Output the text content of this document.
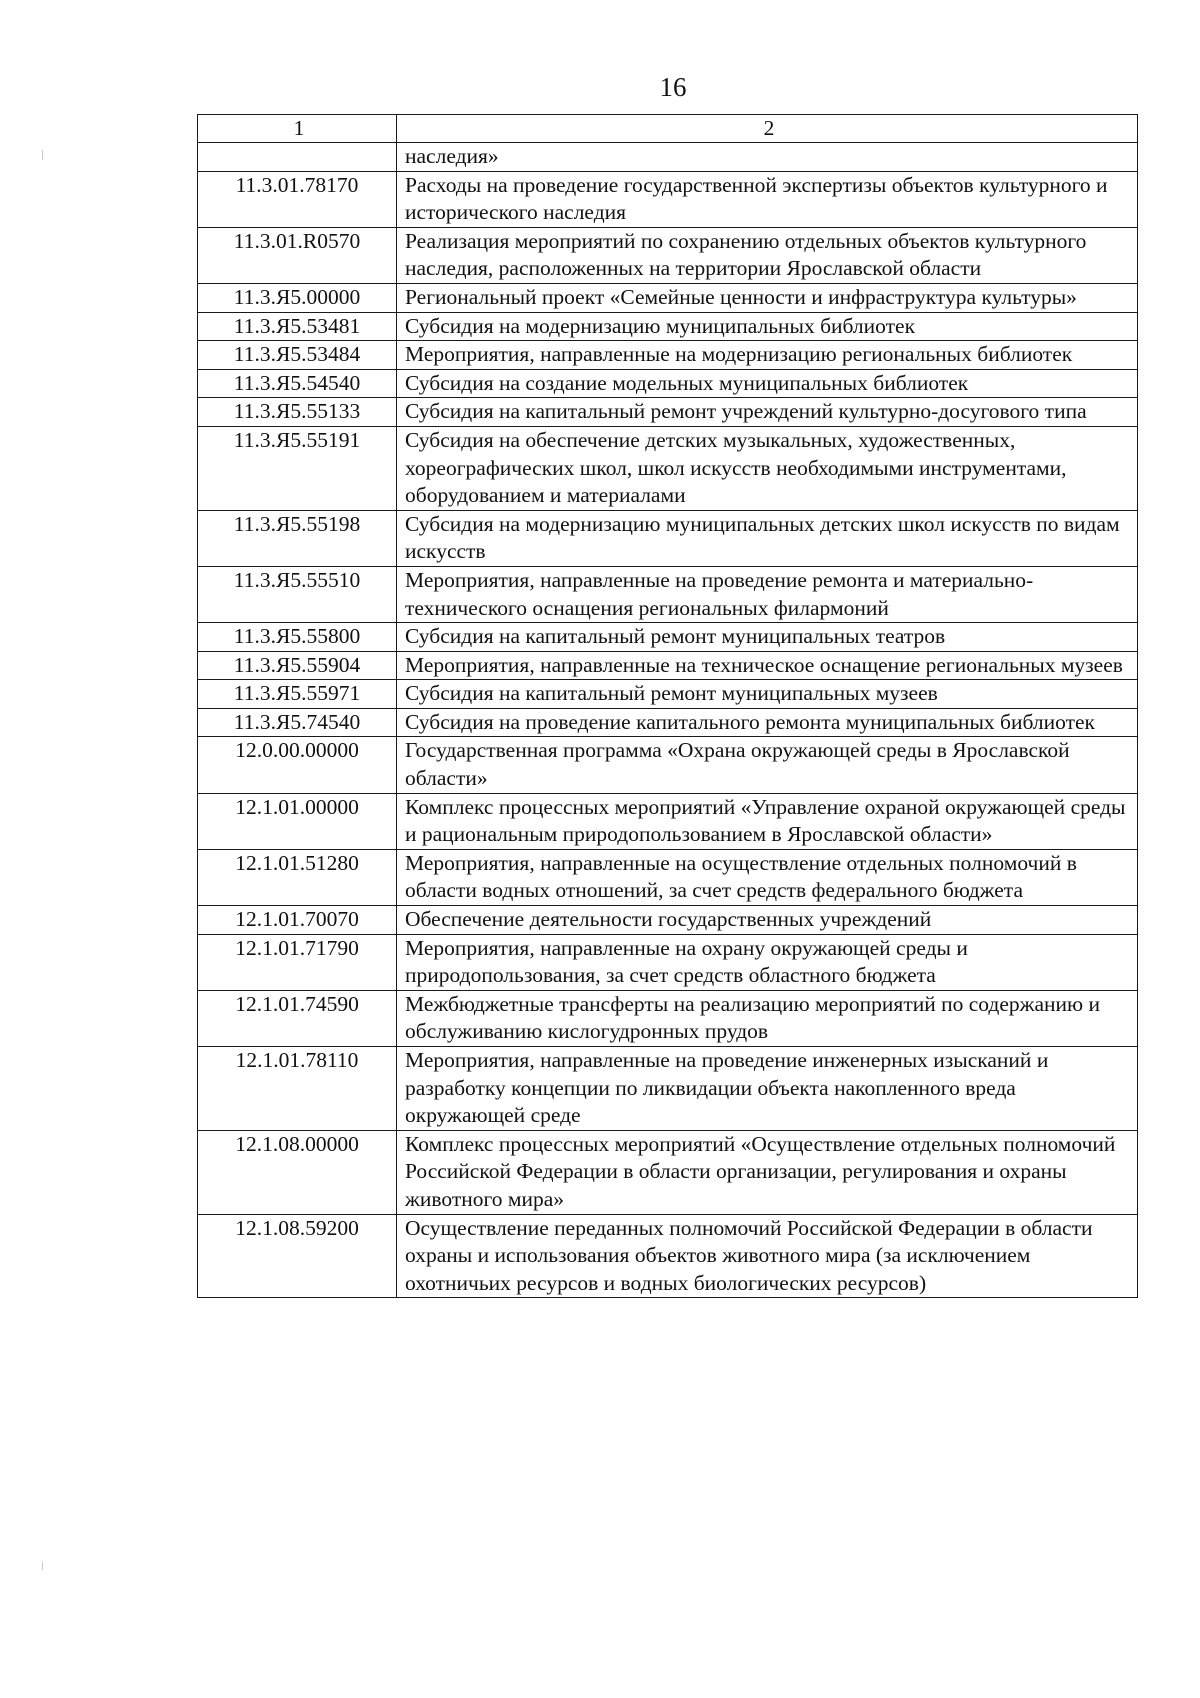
16
1	2
	наследия»
11.3.01.78170	Расходы на проведение государственной экспертизы объектов культурного и исторического наследия
11.3.01.R0570	Реализация мероприятий по сохранению отдельных объектов культурного наследия, расположенных на территории Ярославской области
11.3.Я5.00000	Региональный проект «Семейные ценности и инфраструктура культуры»
11.3.Я5.53481	Субсидия на модернизацию муниципальных библиотек
11.3.Я5.53484	Мероприятия, направленные на модернизацию региональных библиотек
11.3.Я5.54540	Субсидия на создание модельных муниципальных библиотек
11.3.Я5.55133	Субсидия на капитальный ремонт учреждений культурно-досугового типа
11.3.Я5.55191	Субсидия на обеспечение детских музыкальных, художественных, хореографических школ, школ искусств необходимыми инструментами, оборудованием и материалами
11.3.Я5.55198	Субсидия на модернизацию муниципальных детских школ искусств по видам искусств
11.3.Я5.55510	Мероприятия, направленные на проведение ремонта и материально-технического оснащения региональных филармоний
11.3.Я5.55800	Субсидия на капитальный ремонт муниципальных театров
11.3.Я5.55904	Мероприятия, направленные на техническое оснащение региональных музеев
11.3.Я5.55971	Субсидия на капитальный ремонт муниципальных музеев
11.3.Я5.74540	Субсидия на проведение капитального ремонта муниципальных библиотек
12.0.00.00000	Государственная программа «Охрана окружающей среды в Ярославской области»
12.1.01.00000	Комплекс процессных мероприятий «Управление охраной окружающей среды и рациональным природопользованием в Ярославской области»
12.1.01.51280	Мероприятия, направленные на осуществление отдельных полномочий в области водных отношений, за счет средств федерального бюджета
12.1.01.70070	Обеспечение деятельности государственных учреждений
12.1.01.71790	Мероприятия, направленные на охрану окружающей среды и природопользования, за счет средств областного бюджета
12.1.01.74590	Межбюджетные трансферты на реализацию мероприятий по содержанию и обслуживанию кислогудронных прудов
12.1.01.78110	Мероприятия, направленные на проведение инженерных изысканий и разработку концепции по ликвидации объекта накопленного вреда окружающей среде
12.1.08.00000	Комплекс процессных мероприятий «Осуществление отдельных полномочий Российской Федерации в области организации, регулирования и охраны животного мира»
12.1.08.59200	Осуществление переданных полномочий Российской Федерации в области охраны и использования объектов животного мира (за исключением охотничьих ресурсов и водных биологических ресурсов)
